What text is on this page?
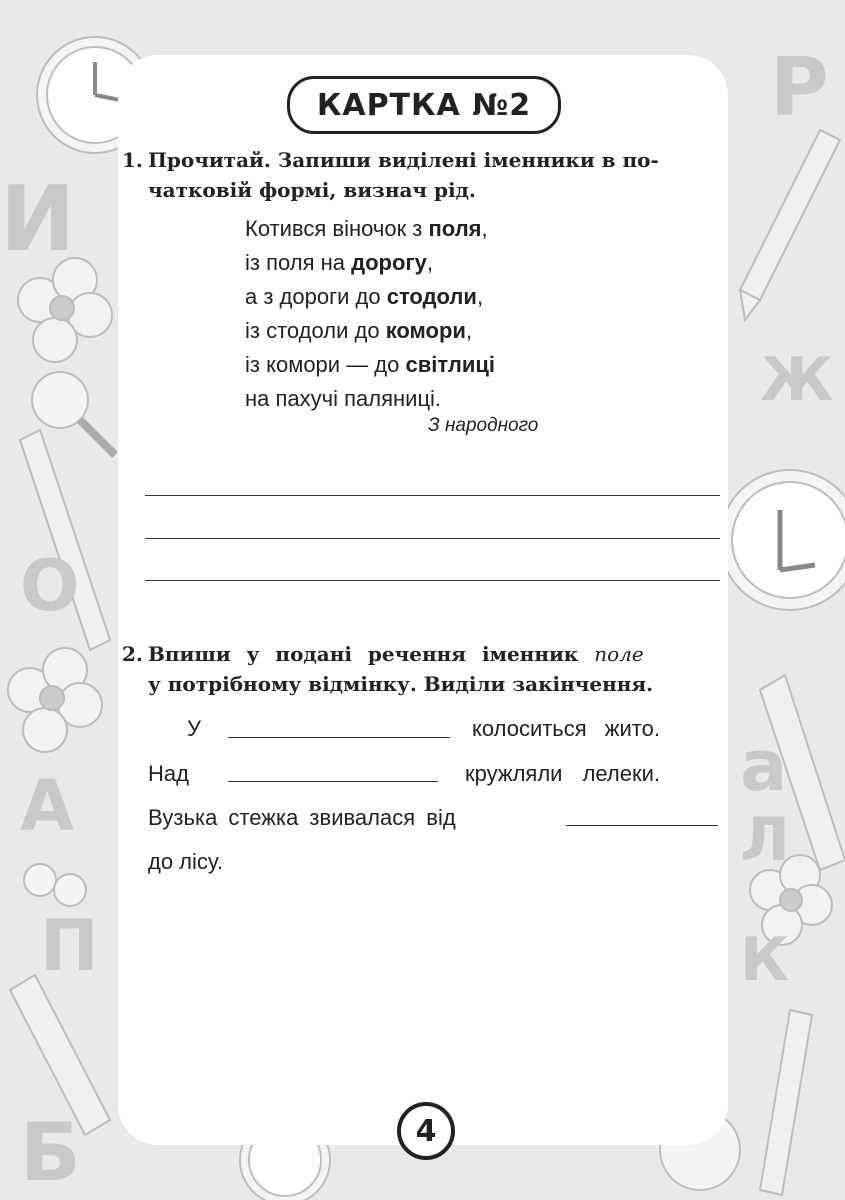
Р
И
О
А
П
Б
Ж
а
Л
К
КАРТКА №2
1. Прочитай. Запиши виділені іменники в по-
чатковій формі, визнач рід.
Котився віночок з поля,
із поля на дорогу,
а з дороги до стодоли,
із стодоли до комори,
із комори — до світлиці
на пахучі паляниці.
З народного
2. Впиши у подані речення іменник поле
у потрібному відмінку. Виділи закінчення.
У	колоситься жито.
Над	кружляли лелеки.
Вузька стежка звивалася від
до лісу.
4
